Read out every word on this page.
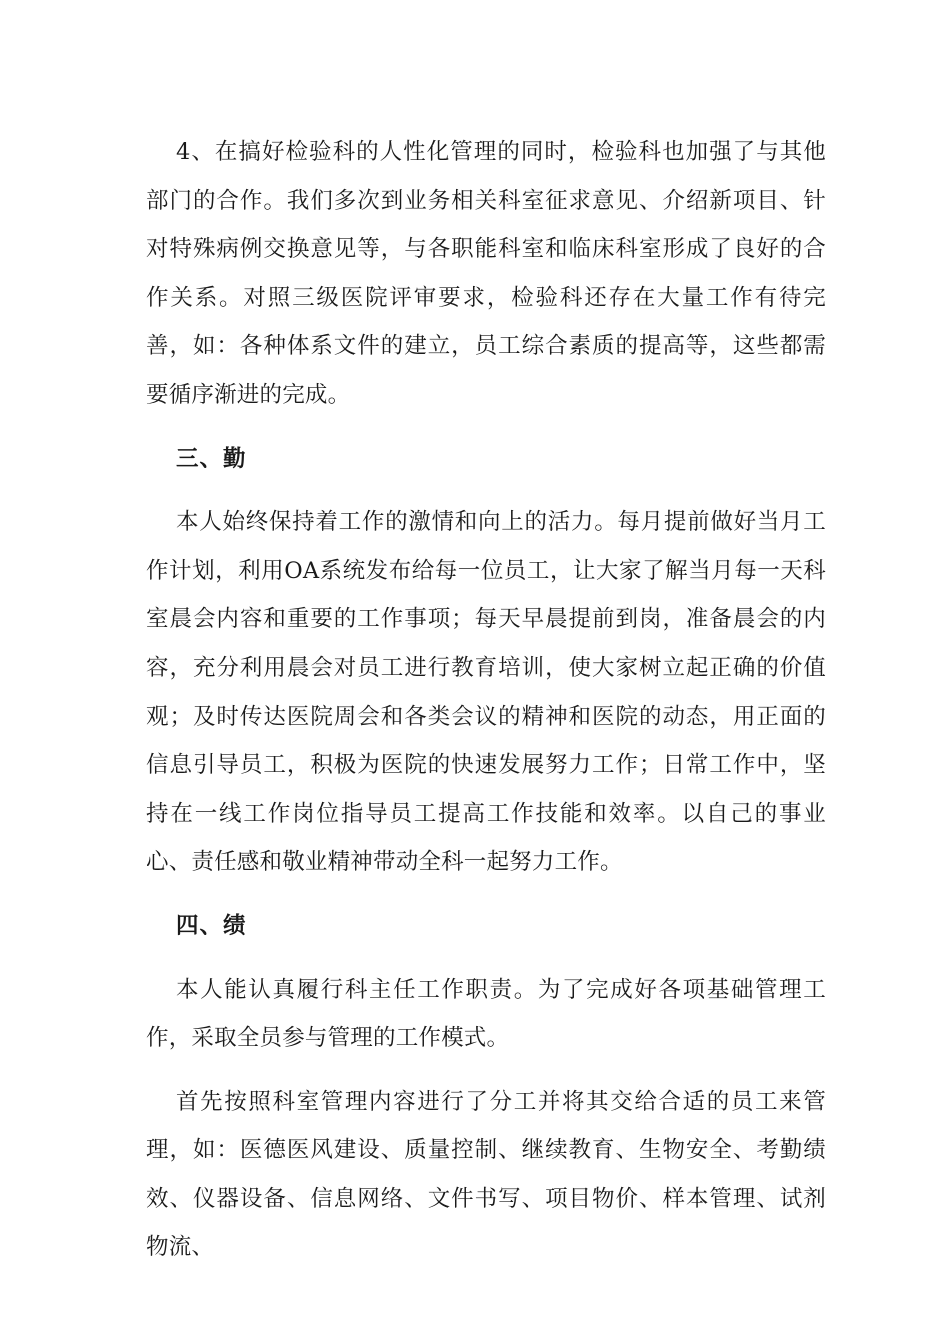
4、在搞好检验科的人性化管理的同时，检验科也加强了与其他部门的合作。我们多次到业务相关科室征求意见、介绍新项目、针对特殊病例交换意见等，与各职能科室和临床科室形成了良好的合作关系。对照三级医院评审要求，检验科还存在大量工作有待完善，如：各种体系文件的建立，员工综合素质的提高等，这些都需要循序渐进的完成。

三、勤

本人始终保持着工作的激情和向上的活力。每月提前做好当月工作计划，利用OA系统发布给每一位员工，让大家了解当月每一天科室晨会内容和重要的工作事项；每天早晨提前到岗，准备晨会的内容，充分利用晨会对员工进行教育培训，使大家树立起正确的价值观；及时传达医院周会和各类会议的精神和医院的动态，用正面的信息引导员工，积极为医院的快速发展努力工作；日常工作中，坚持在一线工作岗位指导员工提高工作技能和效率。以自己的事业心、责任感和敬业精神带动全科一起努力工作。

四、绩

本人能认真履行科主任工作职责。为了完成好各项基础管理工作，采取全员参与管理的工作模式。

首先按照科室管理内容进行了分工并将其交给合适的员工来管理，如：医德医风建设、质量控制、继续教育、生物安全、考勤绩效、仪器设备、信息网络、文件书写、项目物价、样本管理、试剂物流、
